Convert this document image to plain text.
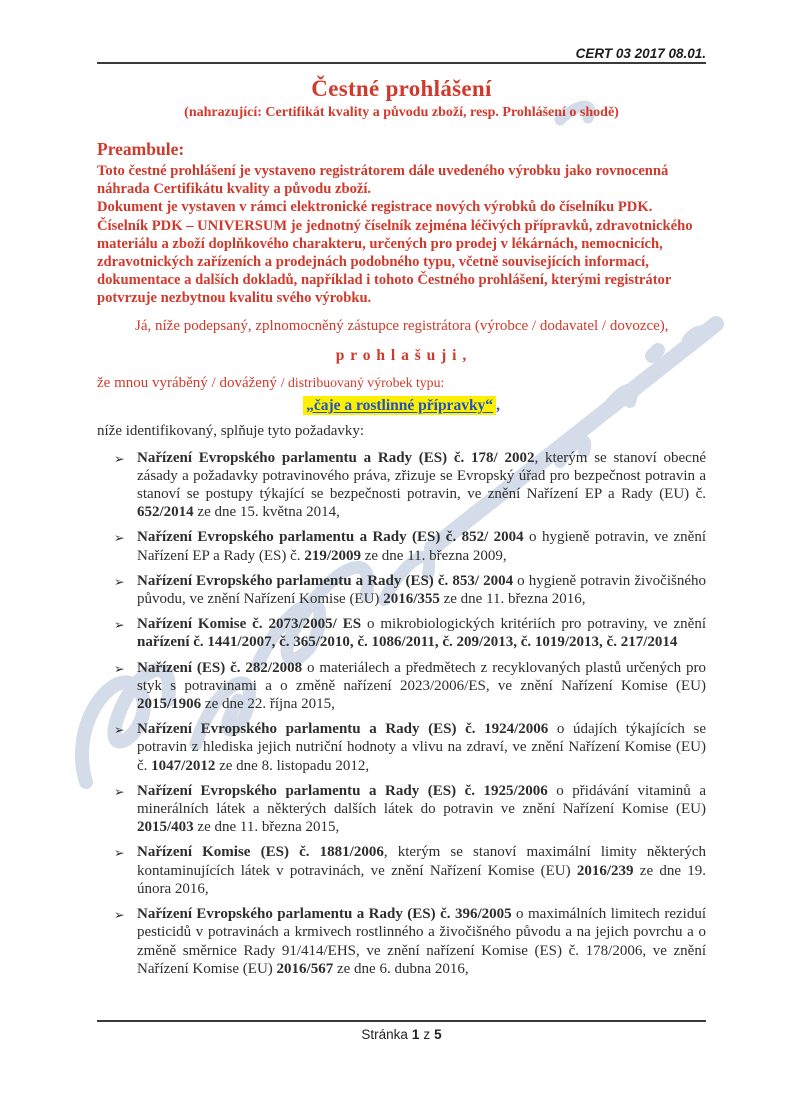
CERT 03 2017 08.01.
Čestné prohlášení
(nahrazující: Certifikát kvality a původu zboží, resp. Prohlášení o shodě)
Preambule:

Toto čestné prohlášení je vystaveno registrátorem dále uvedeného výrobku jako rovnocenná náhrada Certifikátu kvality a původu zboží.

Dokument je vystaven v rámci elektronické registrace nových výrobků do číselníku PDK.

Číselník PDK – UNIVERSUM je jednotný číselník zejména léčivých přípravků, zdravotnického materiálu a zboží doplňkového charakteru, určených pro prodej v lékárnách, nemocnicích, zdravotnických zařízeních a prodejnách podobného typu, včetně souvisejících informací, dokumentace a dalších dokladů, například i tohoto Čestného prohlášení, kterými registrátor potvrzuje nezbytnou kvalitu svého výrobku.

Já, níže podepsaný, zplnomocněný zástupce registrátora (výrobce / dodavatel / dovozce),

p r o h l a š u j i ,

že mnou vyráběný / dovážený / distribuovaný výrobek typu:

„čaje a rostlinné přípravky“ ,

níže identifikovaný, splňuje tyto požadavky:

➢ Nařízení Evropského parlamentu a Rady (ES) č. 178/ 2002, kterým se stanoví obecné zásady a požadavky potravinového práva, zřizuje se Evropský úřad pro bezpečnost potravin a stanoví se postupy týkající se bezpečnosti potravin, ve znění Nařízení EP a Rady (EU) č. 652/2014 ze dne 15. května 2014,
➢ Nařízení Evropského parlamentu a Rady (ES) č. 852/ 2004 o hygieně potravin, ve znění Nařízení EP a Rady (ES) č. 219/2009 ze dne 11. března 2009,
➢ Nařízení Evropského parlamentu a Rady (ES) č. 853/ 2004 o hygieně potravin živočišného původu, ve znění Nařízení Komise (EU) 2016/355 ze dne 11. března 2016,
➢ Nařízení Komise č. 2073/2005/ ES o mikrobiologických kritériích pro potraviny, ve znění nařízení č. 1441/2007, č. 365/2010, č. 1086/2011, č. 209/2013, č. 1019/2013, č. 217/2014
➢ Nařízení (ES) č. 282/2008 o materiálech a předmětech z recyklovaných plastů určených pro styk s potravinami a o změně nařízení 2023/2006/ES, ve znění Nařízení Komise (EU) 2015/1906 ze dne 22. října 2015,
➢ Nařízení Evropského parlamentu a Rady (ES) č. 1924/2006 o údajích týkajících se potravin z hlediska jejich nutriční hodnoty a vlivu na zdraví, ve znění Nařízení Komise (EU) č. 1047/2012 ze dne 8. listopadu 2012,
➢ Nařízení Evropského parlamentu a Rady (ES) č. 1925/2006 o přidávání vitaminů a minerálních látek a některých dalších látek do potravin ve znění Nařízení Komise (EU) 2015/403 ze dne 11. března 2015,
➢ Nařízení Komise (ES) č. 1881/2006, kterým se stanoví maximální limity některých kontaminujících látek v potravinách, ve znění Nařízení Komise (EU) 2016/239 ze dne 19. února 2016,
➢ Nařízení Evropského parlamentu a Rady (ES) č. 396/2005 o maximálních limitech reziduí pesticidů v potravinách a krmivech rostlinného a živočišného původu a na jejich povrchu a o změně směrnice Rady 91/414/EHS, ve znění nařízení Komise (ES) č. 178/2006, ve znění Nařízení Komise (EU) 2016/567 ze dne 6. dubna 2016,
Stránka 1 z 5
